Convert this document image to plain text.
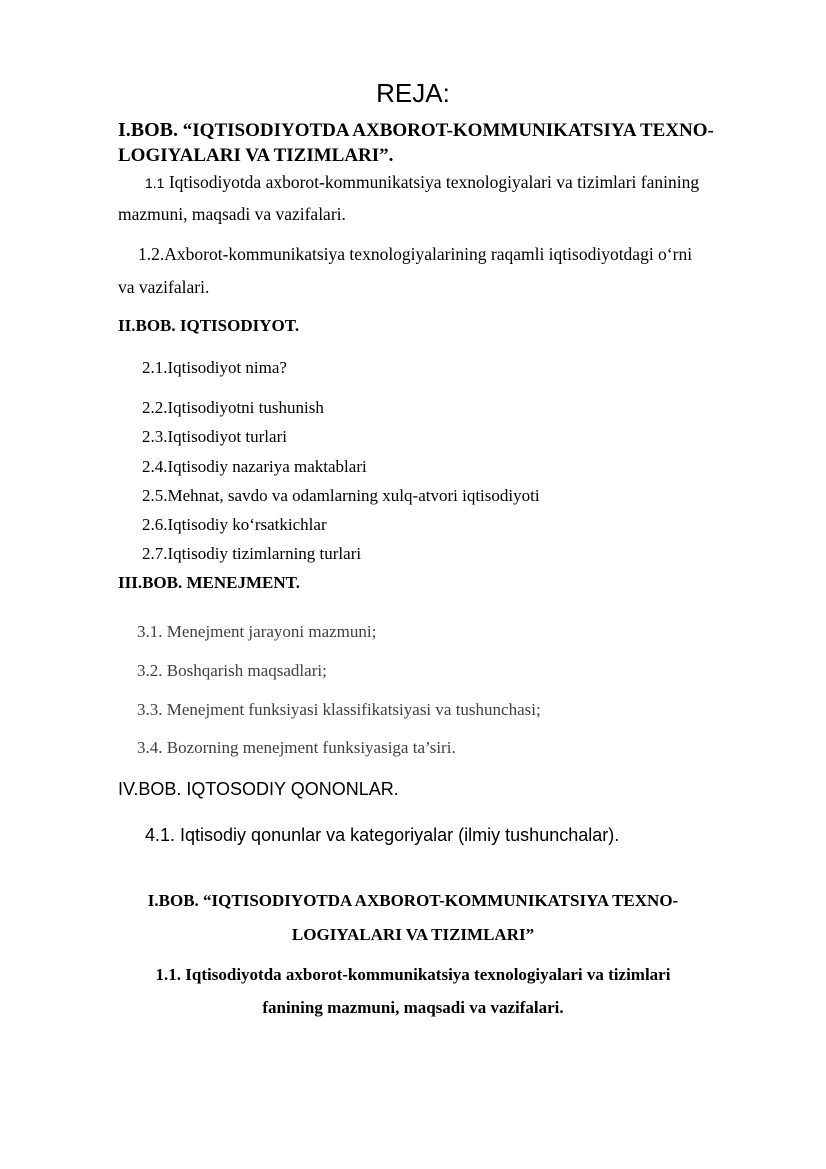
REJA:
I.BOB. “IQTISODIYOTDA AXBOROT-KOMMUNIKATSIYA TEXNO-
LOGIYALARI VA TIZIMLARI”.
1.1 Iqtisodiyotda axborot-kommunikatsiya texnologiyalari va tizimlari fanining
mazmuni, maqsadi va vazifalari.
1.2.Axborot-kommunikatsiya texnologiyalarining raqamli iqtisodiyotdagi oʻrni
va vazifalari.
II.BOB. IQTISODIYOT.
2.1.Iqtisodiyot nima?
2.2.Iqtisodiyotni tushunish
2.3.Iqtisodiyot turlari
2.4.Iqtisodiy nazariya maktablari
2.5.Mehnat, savdo va odamlarning xulq-atvori iqtisodiyoti
2.6.Iqtisodiy koʻrsatkichlar
2.7.Iqtisodiy tizimlarning turlari
III.BOB. MENEJMENT.
3.1. Menejment jarayoni mazmuni;
3.2. Boshqarish maqsadlari;
3.3. Menejment funksiyasi klassifikatsiyasi va tushunchasi;
3.4. Bozorning menejment funksiyasiga ta’siri.
IV.BOB. IQTOSODIY QONONLAR.
4.1. Iqtisodiy qonunlar va kategoriyalar (ilmiy tushunchalar).
I.BOB. “IQTISODIYOTDA AXBOROT-KOMMUNIKATSIYA TEXNO-
LOGIYALARI VA TIZIMLARI”
1.1. Iqtisodiyotda axborot-kommunikatsiya texnologiyalari va tizimlari
fanining mazmuni, maqsadi va vazifalari.
